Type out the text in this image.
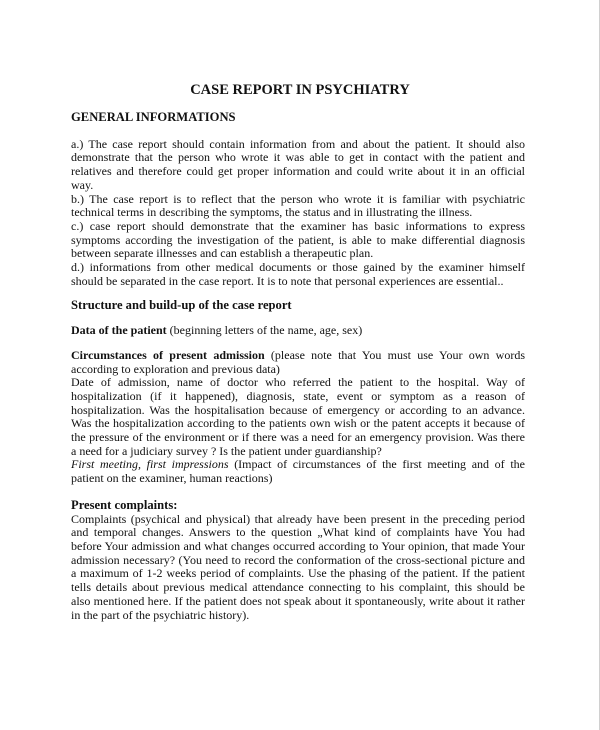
CASE REPORT IN PSYCHIATRY

GENERAL INFORMATIONS

a.) The case report should contain information from and about the patient. It should also demonstrate that the person who wrote it was able to get in contact with the patient and relatives and therefore could get proper information and could write about it in an official way.

b.) The case report is to reflect that the person who wrote it is familiar with psychiatric technical terms in describing the symptoms, the status and in illustrating the illness.

c.) case report should demonstrate that the examiner has basic informations to express symptoms according the investigation of the patient, is able to make differential diagnosis between separate illnesses and can establish a therapeutic plan.

d.) informations from other medical documents or those gained by the examiner himself should be separated in the case report. It is to note that personal experiences are essential..

Structure and build-up of the case report

Data of the patient (beginning letters of the name, age, sex)

Circumstances of present admission (please note that You must use Your own words according to exploration and previous data)

Date of admission, name of doctor who referred the patient to the hospital. Way of hospitalization (if it happened), diagnosis, state, event or symptom as a reason of hospitalization. Was the hospitalisation because of emergency or according to an advance. Was the hospitalization according to the patients own wish or the patent accepts it because of the pressure of the environment or if there was a need for an emergency provision. Was there a need for a judiciary survey ? Is the patient under guardianship?

First meeting, first impressions (Impact of circumstances of the first meeting and of the patient on the examiner, human reactions)

Present complaints:

Complaints (psychical and physical) that already have been present in the preceding period and temporal changes. Answers to the question „What kind of complaints have You had before Your admission and what changes occurred according to Your opinion, that made Your admission necessary? (You need to record the conformation of the cross-sectional picture and a maximum of 1-2 weeks period of complaints. Use the phasing of the patient. If the patient tells details about previous medical attendance connecting to his complaint, this should be also mentioned here. If the patient does not speak about it spontaneously, write about it rather in the part of the psychiatric history).
